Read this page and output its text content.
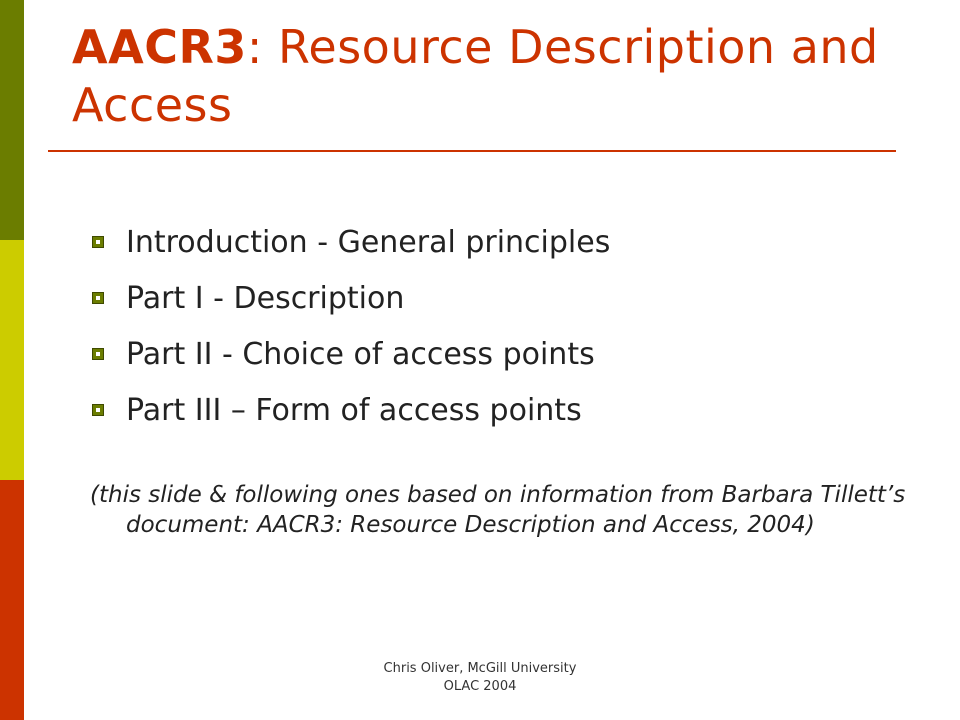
AACR3: Resource Description and Access
Introduction - General principles
Part I - Description
Part II - Choice of access points
Part III – Form of access points

(this slide & following ones based on information from Barbara Tillett’s document: AACR3: Resource Description and Access, 2004)

Chris Oliver, McGill University
OLAC 2004
